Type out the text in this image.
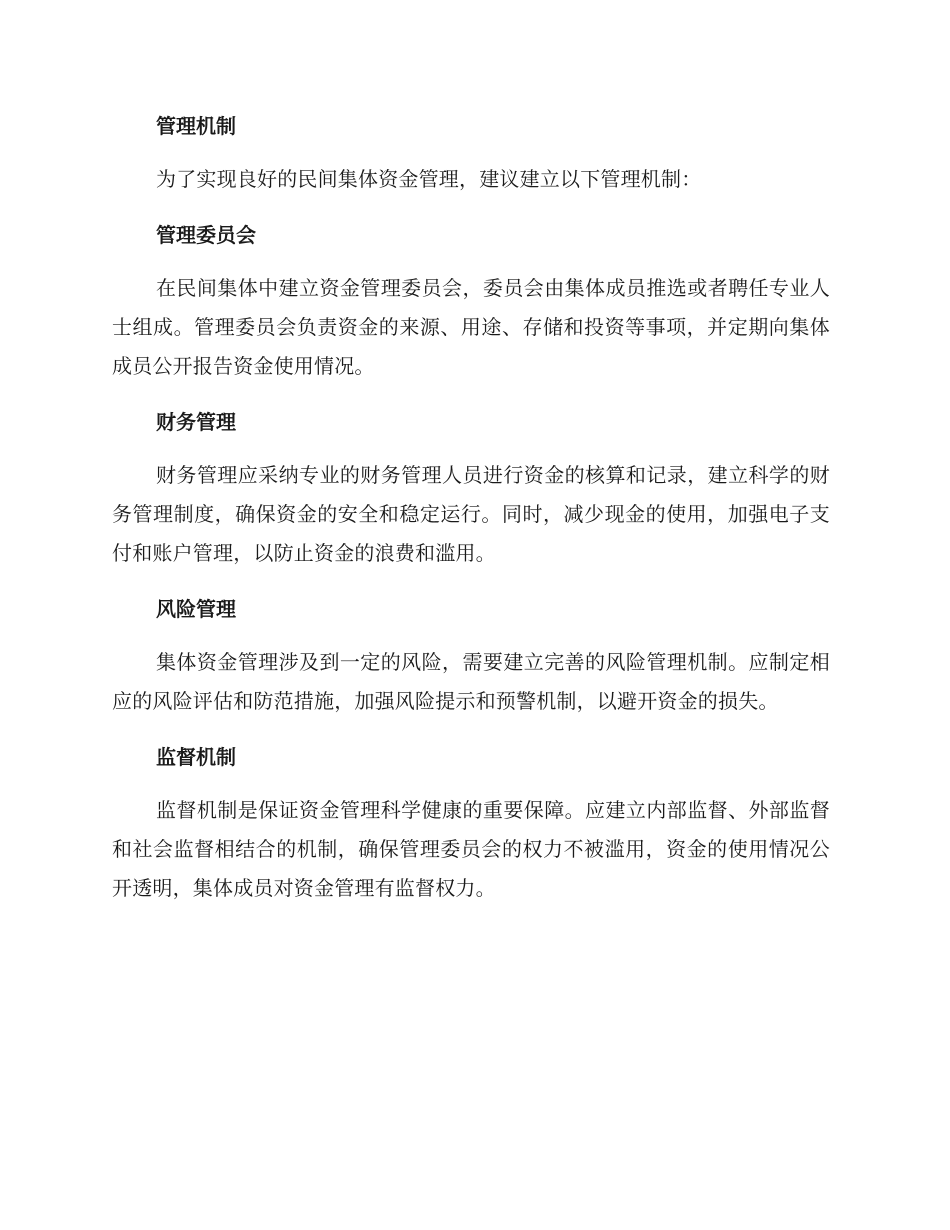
管理机制

为了实现良好的民间集体资金管理，建议建立以下管理机制：

管理委员会

在民间集体中建立资金管理委员会，委员会由集体成员推选或者聘任专业人士组成。管理委员会负责资金的来源、用途、存储和投资等事项，并定期向集体成员公开报告资金使用情况。

财务管理

财务管理应采纳专业的财务管理人员进行资金的核算和记录，建立科学的财务管理制度，确保资金的安全和稳定运行。同时，减少现金的使用，加强电子支付和账户管理，以防止资金的浪费和滥用。

风险管理

集体资金管理涉及到一定的风险，需要建立完善的风险管理机制。应制定相应的风险评估和防范措施，加强风险提示和预警机制，以避开资金的损失。

监督机制

监督机制是保证资金管理科学健康的重要保障。应建立内部监督、外部监督和社会监督相结合的机制，确保管理委员会的权力不被滥用，资金的使用情况公开透明，集体成员对资金管理有监督权力。
